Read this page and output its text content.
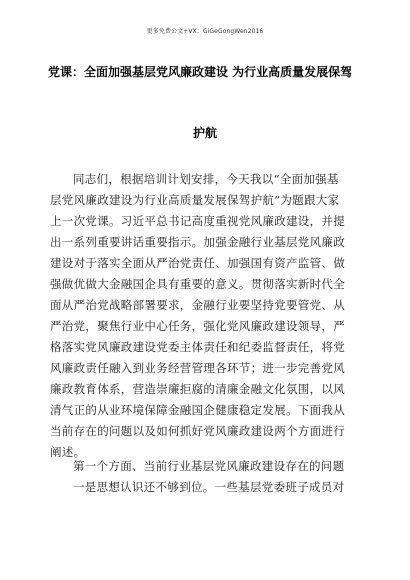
更多免费公文+VX：GiGeGongWen2016
党课：全面加强基层党风廉政建设 为行业高质量发展保驾
护航
同志们，根据培训计划安排，今天我以“全面加强基
层党风廉政建设为行业高质量发展保驾护航”为题跟大家
上一次党课。习近平总书记高度重视党风廉政建设，并提
出一系列重要讲话重要指示。加强金融行业基层党风廉政
建设对于落实全面从严治党责任、加强国有资产监管、做
强做优做大金融国企具有重要的意义。贯彻落实新时代全
面从严治党战略部署要求，金融行业要坚持党要管党、从
严治党，聚焦行业中心任务，强化党风廉政建设领导，严
格落实党风廉政建设党委主体责任和纪委监督责任，将党
风廉政责任融入到业务经营管理各环节；进一步完善党风
廉政教育体系，营造崇廉拒腐的清廉金融文化氛围，以风
清气正的从业环境保障金融国企健康稳定发展。下面我从
当前存在的问题以及如何抓好党风廉政建设两个方面进行
阐述。
第一个方面、当前行业基层党风廉政建设存在的问题
一是思想认识还不够到位。一些基层党委班子成员对
